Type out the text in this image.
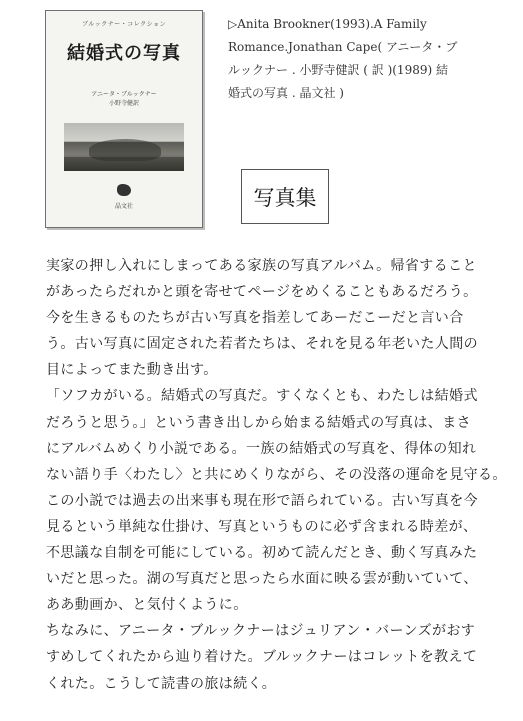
ブルックナー・コレクション
結婚式の写真
アニータ・ブルックナー
小野寺健訳
晶文社
▷Anita Brookner(1993).A Family
Romance.Jonathan Cape( アニータ・ブ
ルックナー . 小野寺健訳 ( 訳 )(1989) 結
婚式の写真 . 晶文社 )
写真集

実家の押し入れにしまってある家族の写真アルバム。帰省すること
があったらだれかと頭を寄せてページをめくることもあるだろう。
今を生きるものたちが古い写真を指差してあーだこーだと言い合
う。古い写真に固定された若者たちは、それを見る年老いた人間の
目によってまた動き出す。

「ソフカがいる。結婚式の写真だ。すくなくとも、わたしは結婚式
だろうと思う。」という書き出しから始まる結婚式の写真は、まさ
にアルバムめくり小説である。一族の結婚式の写真を、得体の知れ
ない語り手〈わたし〉と共にめくりながら、その没落の運命を見守る。
この小説では過去の出来事も現在形で語られている。古い写真を今
見るという単純な仕掛け、写真というものに必ず含まれる時差が、
不思議な自制を可能にしている。初めて読んだとき、動く写真みた
いだと思った。湖の写真だと思ったら水面に映る雲が動いていて、
ああ動画か、と気付くように。

ちなみに、アニータ・ブルックナーはジュリアン・バーンズがおす
すめしてくれたから辿り着けた。ブルックナーはコレットを教えて
くれた。こうして読書の旅は続く。
